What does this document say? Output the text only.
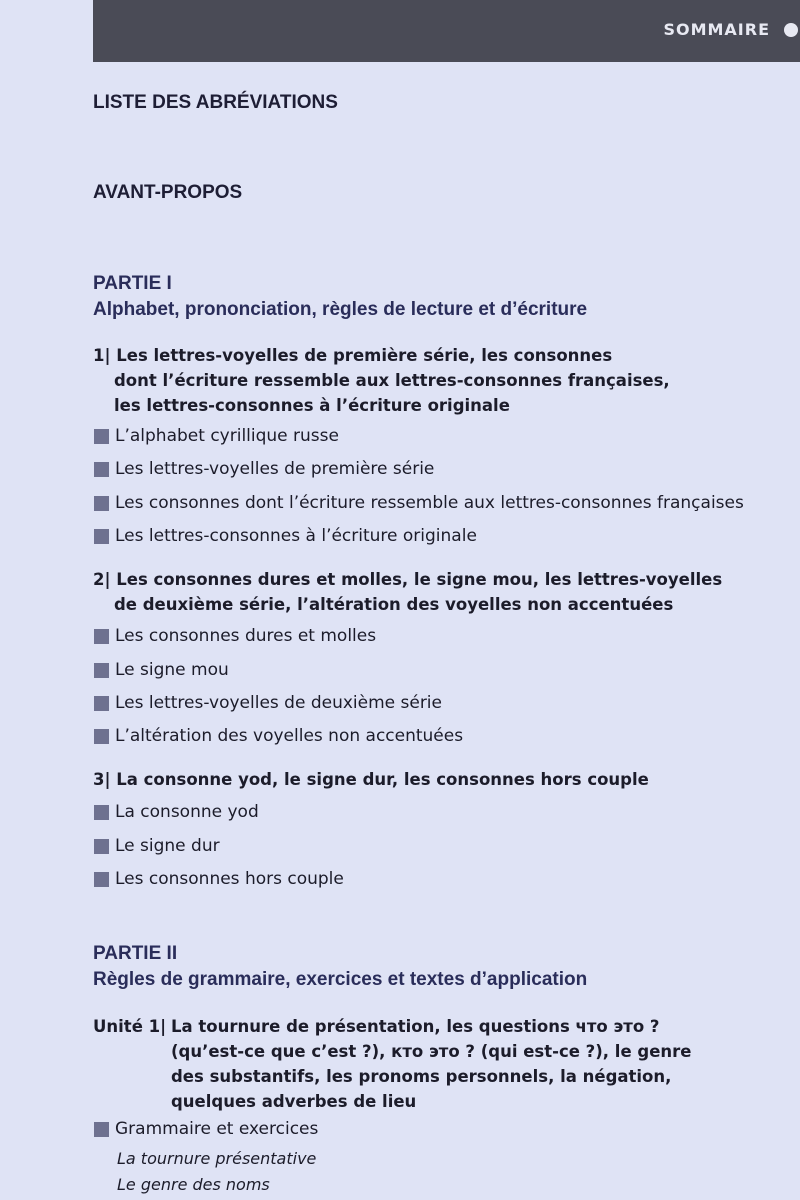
SOMMAIRE
LISTE DES ABRÉVIATIONS
AVANT-PROPOS
PARTIE I
Alphabet, prononciation, règles de lecture et d’écriture
1| Les lettres-voyelles de première série, les consonnes
dont l’écriture ressemble aux lettres-consonnes françaises,
les lettres-consonnes à l’écriture originale
L’alphabet cyrillique russe
Les lettres-voyelles de première série
Les consonnes dont l’écriture ressemble aux lettres-consonnes françaises
Les lettres-consonnes à l’écriture originale
2| Les consonnes dures et molles, le signe mou, les lettres-voyelles
de deuxième série, l’altération des voyelles non accentuées
Les consonnes dures et molles
Le signe mou
Les lettres-voyelles de deuxième série
L’altération des voyelles non accentuées
3| La consonne yod, le signe dur, les consonnes hors couple
La consonne yod
Le signe dur
Les consonnes hors couple
PARTIE II
Règles de grammaire, exercices et textes d’application
Unité 1| La tournure de présentation, les questions что это ?
(qu’est-ce que c’est ?), кто это ? (qui est-ce ?), le genre
des substantifs, les pronoms personnels, la négation,
quelques adverbes de lieu
Grammaire et exercices
La tournure présentative
Le genre des noms
